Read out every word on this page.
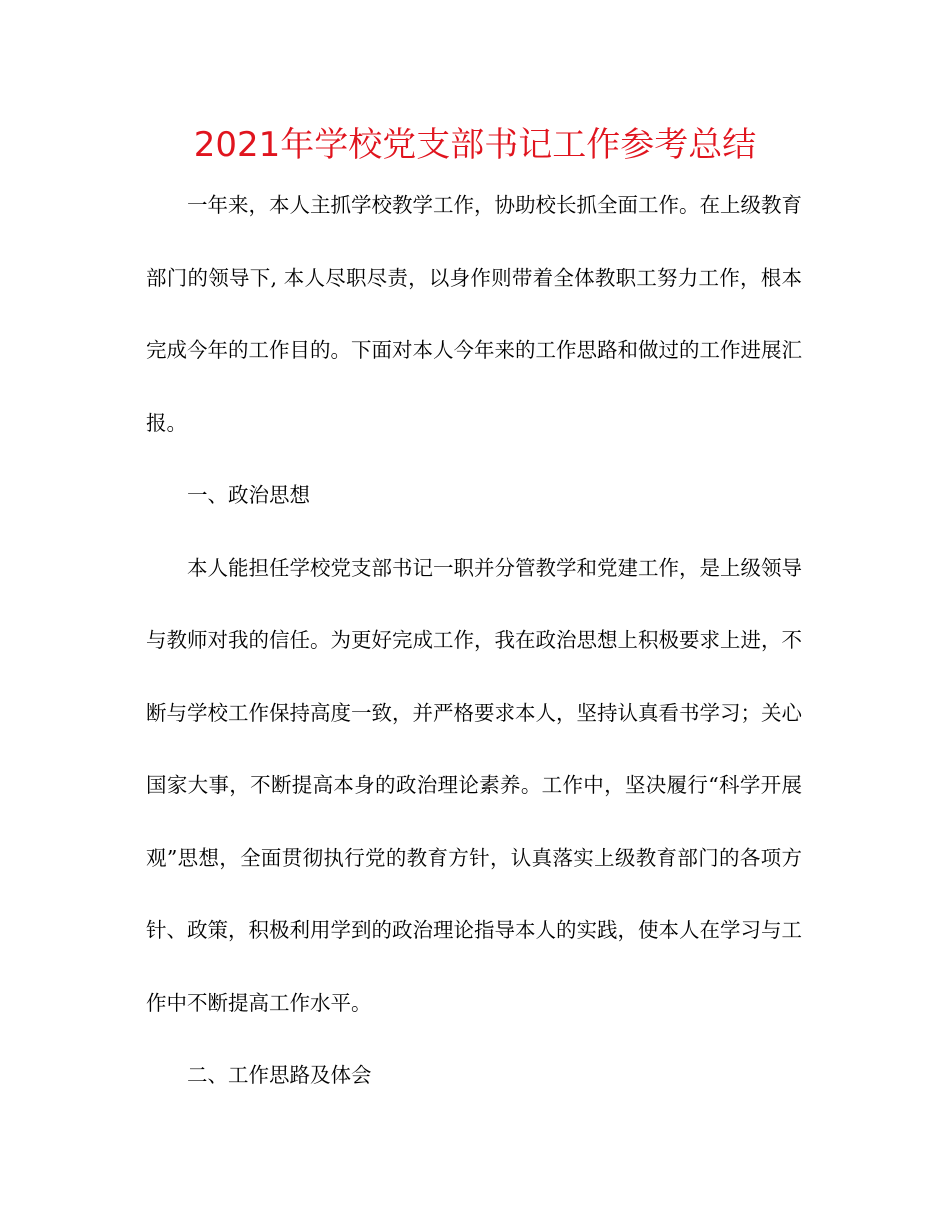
2021年学校党支部书记工作参考总结

一年来，本人主抓学校教学工作，协助校长抓全面工作。在上级教育部门的领导下, 本人尽职尽责，以身作则带着全体教职工努力工作，根本完成今年的工作目的。下面对本人今年来的工作思路和做过的工作进展汇报。

一、政治思想

本人能担任学校党支部书记一职并分管教学和党建工作，是上级领导与教师对我的信任。为更好完成工作，我在政治思想上积极要求上进，不断与学校工作保持高度一致，并严格要求本人，坚持认真看书学习；关心国家大事，不断提高本身的政治理论素养。工作中，坚决履行“科学开展观”思想，全面贯彻执行党的教育方针，认真落实上级教育部门的各项方针、政策，积极利用学到的政治理论指导本人的实践，使本人在学习与工作中不断提高工作水平。

二、工作思路及体会
